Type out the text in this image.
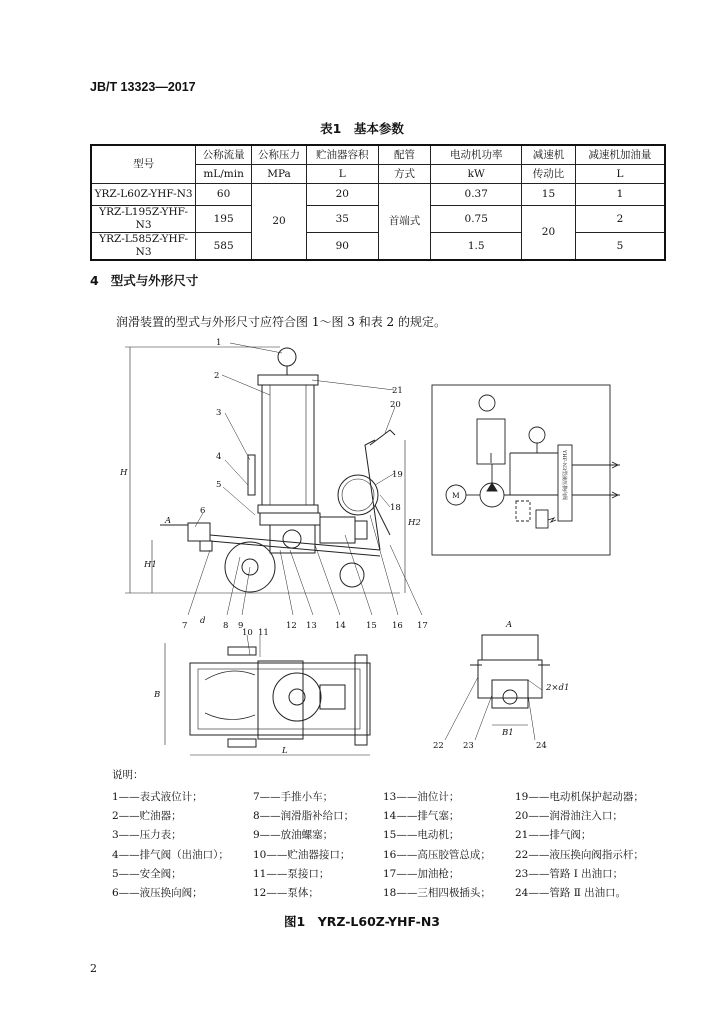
JB/T 13323—2017
表1　基本参数
型号	公称流量	公称压力	贮油器容积	配管	电动机功率	减速机	减速机加油量
	mL/min	MPa	L	方式	kW	传动比	L
YRZ-L60Z-YHF-N3	60	20	20	首端式	0.37	15	1
YRZ-L195Z-YHF-N3	195		35		0.75	20	2
YRZ-L585Z-YHF-N3	585		90		1.5		5
4 型式与外形尺寸
润滑装置的型式与外形尺寸应符合图 1～图 3 和表 2 的规定。
1
2
3
4
5
6
7	8 9
10 11
12 13 14 15 16 17
18
19
20
21
22 23	24
H
H1
H2
A
d
B
L
B1
2×d1
A
M	YHF-N3型液压换向阀
说明：
1——表式液位计；
2——贮油器；
3——压力表；
4——排气阀（出油口）；
5——安全阀；
6——液压换向阀；
7——手推小车；
8——润滑脂补给口；
9——放油螺塞；
10——贮油器接口；
11——泵接口；
12——泵体；
13——油位计；
14——排气塞；
15——电动机；
16——高压胶管总成；
17——加油枪；
18——三相四极插头；
19——电动机保护起动器；
20——润滑油注入口；
21——排气阀；
22——液压换向阀指示杆；
23——管路 Ⅰ 出油口；
24——管路 Ⅱ 出油口。
图1　YRZ-L60Z-YHF-N3
2
